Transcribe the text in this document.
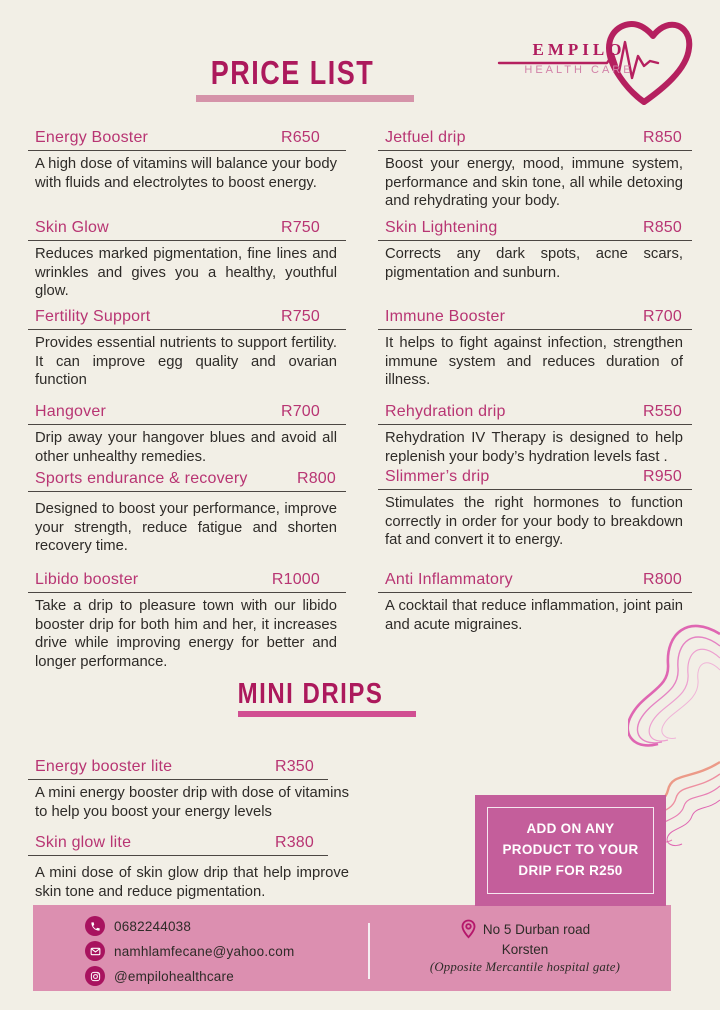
PRICE LIST
EMPILO
HEALTH CARE
Energy Booster	R650
A high dose of vitamins will balance your body with fluids and electrolytes to boost energy.
Skin Glow	R750
Reduces marked pigmentation, fine lines and wrinkles and gives you a healthy, youthful glow.
Fertility Support	R750
Provides essential nutrients to support fertility. It can improve egg quality and ovarian function
Hangover	R700
Drip away your hangover blues and avoid all other unhealthy remedies.
Sports endurance & recovery	R800
Designed to boost your performance, improve your strength, reduce fatigue and shorten recovery time.
Libido booster	R1000
Take a drip to pleasure town with our libido booster drip for both him and her, it increases drive while improving energy for better and longer performance.
Jetfuel drip	R850
Boost your energy, mood, immune system, performance and skin tone, all while detoxing and rehydrating your body.
Skin Lightening	R850
Corrects any dark spots, acne scars, pigmentation and sunburn.
Immune Booster	R700
It helps to fight against infection, strengthen immune system and reduces duration of illness.
Rehydration drip	R550
Rehydration IV Therapy is designed to help replenish your body’s hydration levels fast .
Slimmer’s drip	R950
Stimulates the right hormones to function correctly in order for your body to breakdown fat and convert it to energy.
Anti Inflammatory	R800
A cocktail that reduce inflammation, joint pain and acute migraines.
MINI DRIPS
Energy booster lite	R350
A mini energy booster drip with dose of vitamins to help you boost your energy levels
Skin glow lite	R380
A mini dose of skin glow drip that help improve skin tone and reduce pigmentation.
ADD ON ANY PRODUCT TO YOUR DRIP FOR R250
0682244038
namhlamfecane@yahoo.com
@empilohealthcare
No 5 Durban road
Korsten
(Opposite Mercantile hospital gate)
